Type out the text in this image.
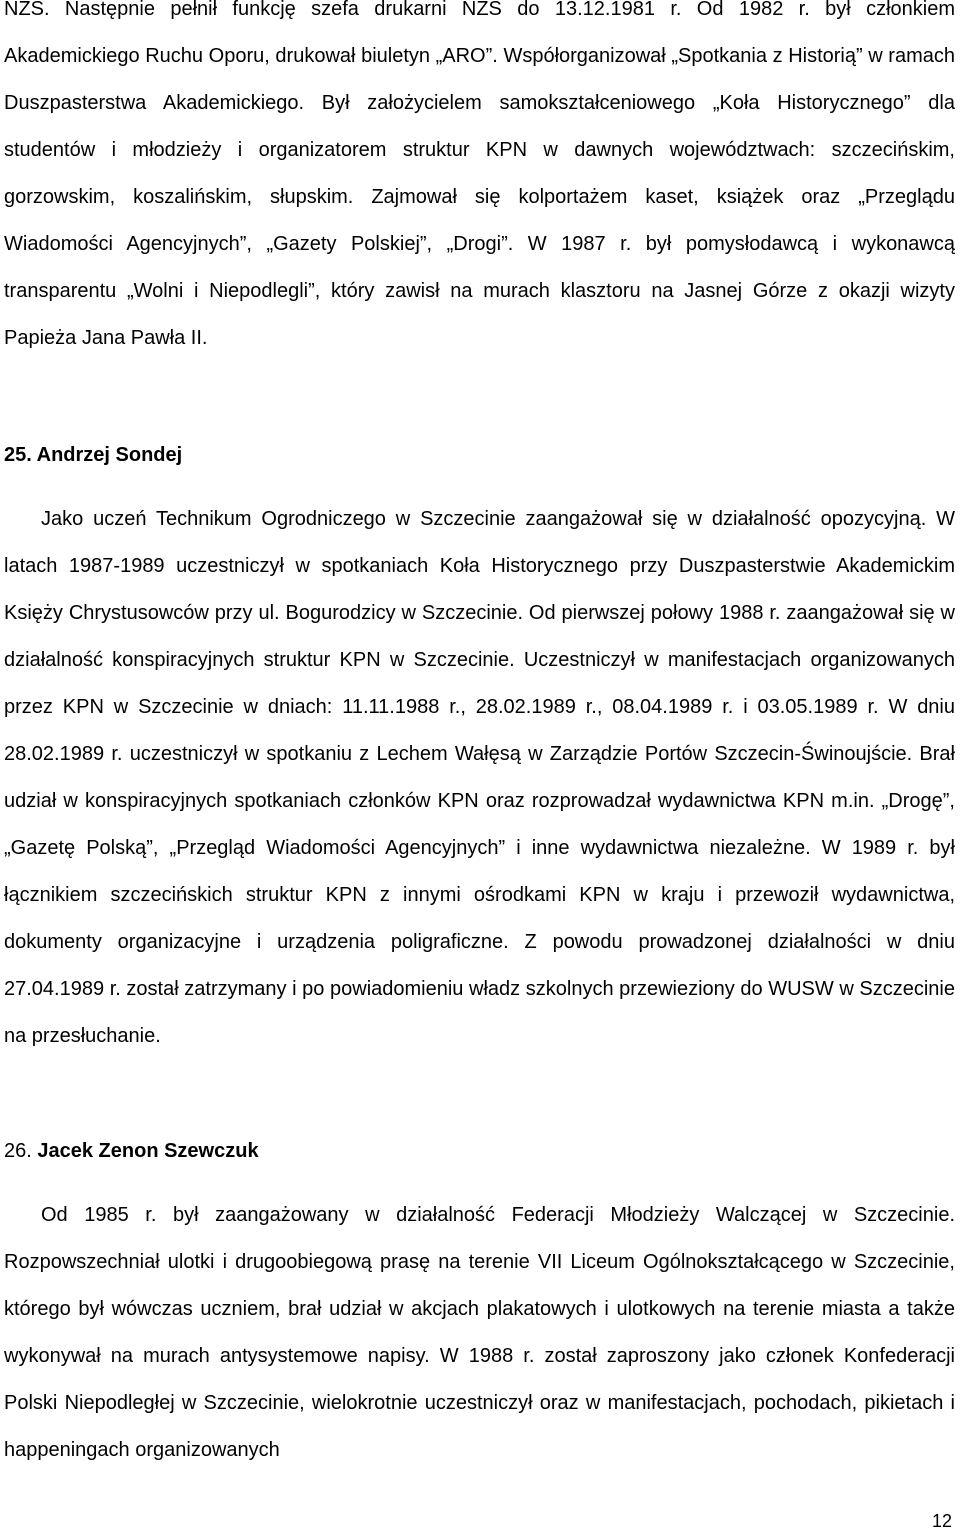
NZS. Następnie pełnił funkcję szefa drukarni NZS do 13.12.1981 r. Od 1982 r. był członkiem Akademickiego Ruchu Oporu, drukował biuletyn „ARO”. Współorganizował „Spotkania z Historią” w ramach Duszpasterstwa Akademickiego. Był założycielem samokształceniowego „Koła Historycznego” dla studentów i młodzieży i organizatorem struktur KPN w dawnych województwach: szczecińskim, gorzowskim, koszalińskim, słupskim. Zajmował się kolportażem kaset, książek oraz „Przeglądu Wiadomości Agencyjnych”, „Gazety Polskiej”, „Drogi”. W 1987 r. był pomysłodawcą i wykonawcą transparentu „Wolni i Niepodlegli”, który zawisł na murach klasztoru na Jasnej Górze z okazji wizyty Papieża Jana Pawła II.

25. Andrzej Sondej

Jako uczeń Technikum Ogrodniczego w Szczecinie zaangażował się w działalność opozycyjną. W latach 1987-1989 uczestniczył w spotkaniach Koła Historycznego przy Duszpasterstwie Akademickim Księży Chrystusowców przy ul. Bogurodzicy w Szczecinie. Od pierwszej połowy 1988 r. zaangażował się w działalność konspiracyjnych struktur KPN w Szczecinie. Uczestniczył w manifestacjach organizowanych przez KPN w Szczecinie w dniach: 11.11.1988 r., 28.02.1989 r., 08.04.1989 r. i 03.05.1989 r. W dniu 28.02.1989 r. uczestniczył w spotkaniu z Lechem Wałęsą w Zarządzie Portów Szczecin-Świnoujście. Brał udział w konspiracyjnych spotkaniach członków KPN oraz rozprowadzał wydawnictwa KPN m.in. „Drogę”, „Gazetę Polską”, „Przegląd Wiadomości Agencyjnych” i inne wydawnictwa niezależne. W 1989 r. był łącznikiem szczecińskich struktur KPN z innymi ośrodkami KPN w kraju i przewoził wydawnictwa, dokumenty organizacyjne i urządzenia poligraficzne. Z powodu prowadzonej działalności w dniu 27.04.1989 r. został zatrzymany i po powiadomieniu władz szkolnych przewieziony do WUSW w Szczecinie na przesłuchanie.

26. Jacek Zenon Szewczuk

Od 1985 r. był zaangażowany w działalność Federacji Młodzieży Walczącej w Szczecinie. Rozpowszechniał ulotki i drugoobiegową prasę na terenie VII Liceum Ogólnokształcącego w Szczecinie, którego był wówczas uczniem, brał udział w akcjach plakatowych i ulotkowych na terenie miasta a także wykonywał na murach antysystemowe napisy. W 1988 r. został zaproszony jako członek Konfederacji Polski Niepodległej w Szczecinie, wielokrotnie uczestniczył oraz w manifestacjach, pochodach, pikietach i happeningach organizowanych

12
